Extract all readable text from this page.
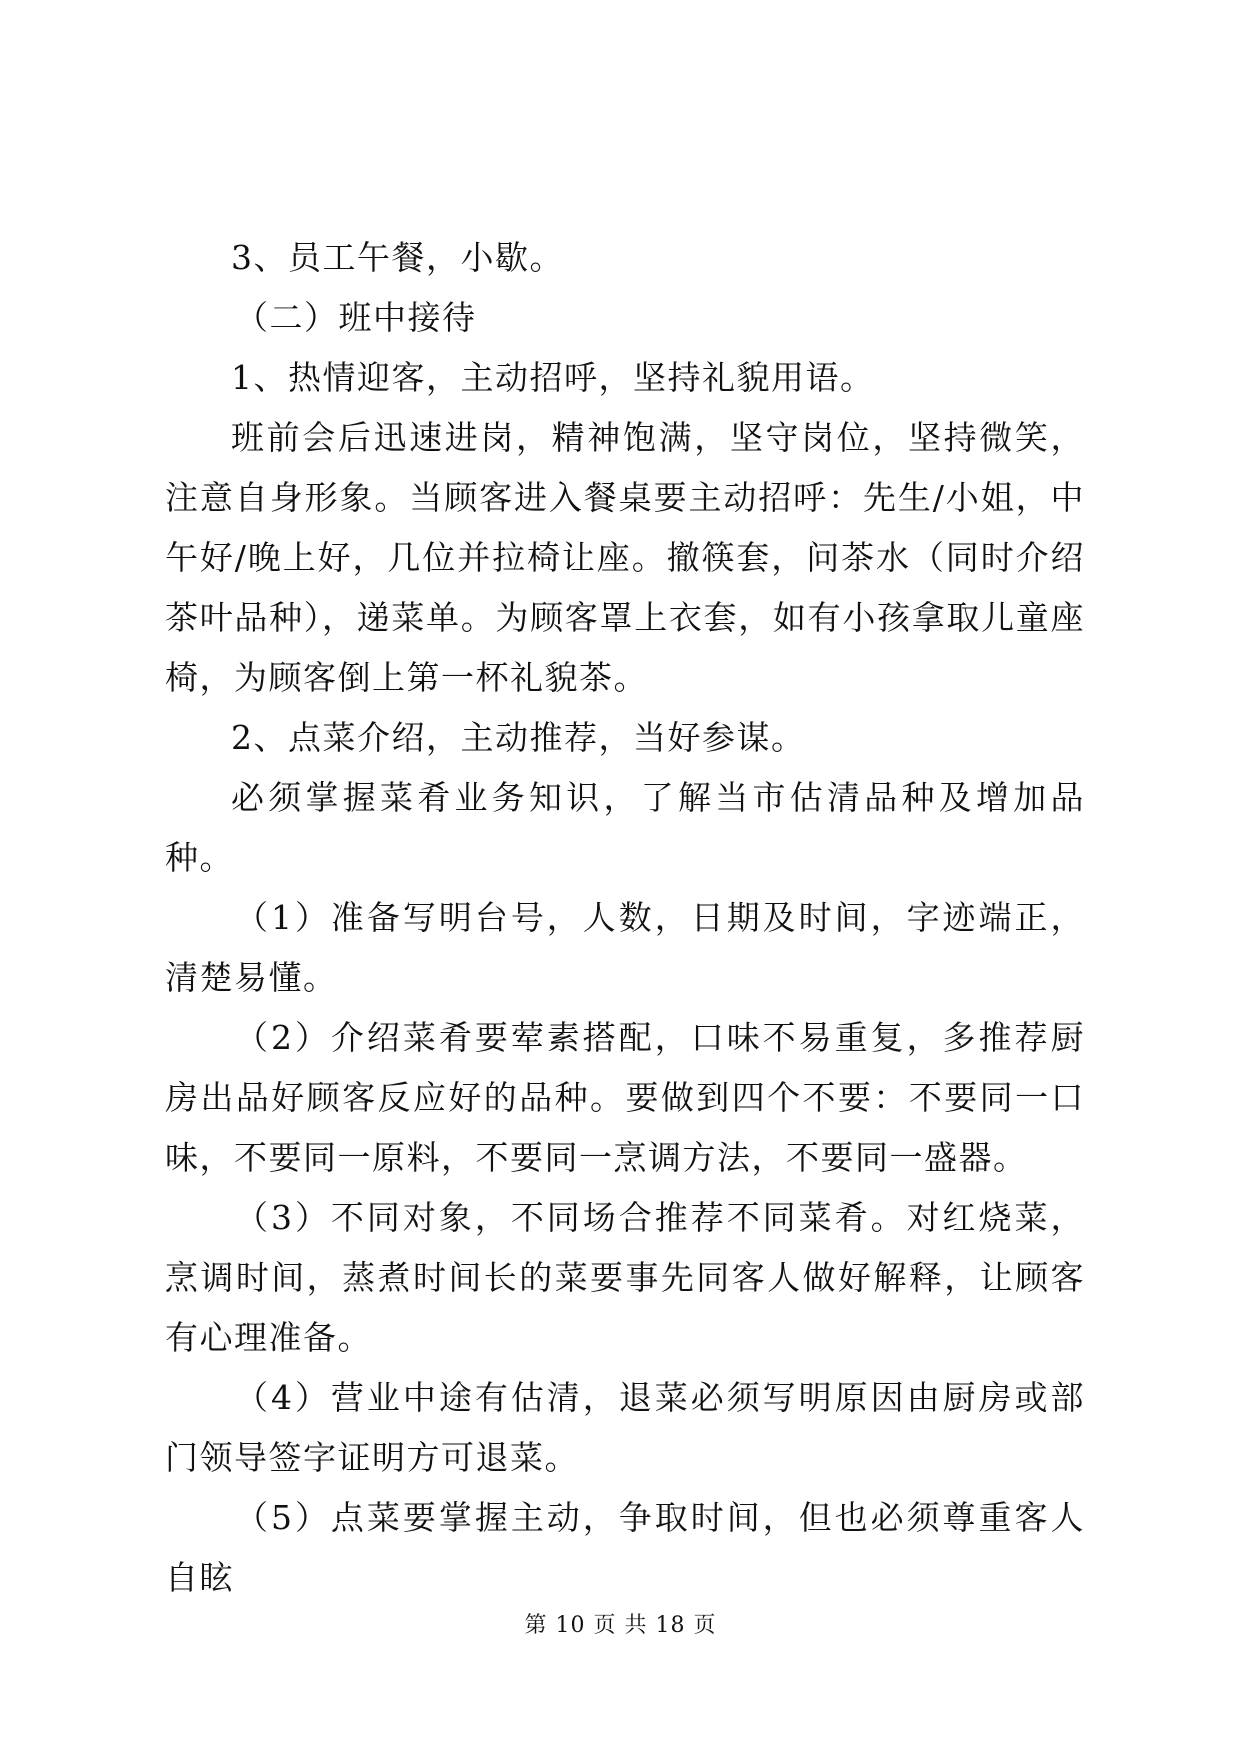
3、员工午餐，小歇。

（二）班中接待

1、热情迎客，主动招呼，坚持礼貌用语。

班前会后迅速进岗，精神饱满，坚守岗位，坚持微笑，注意自身形象。当顾客进入餐桌要主动招呼：先生/小姐，中午好/晚上好，几位并拉椅让座。撤筷套，问茶水（同时介绍茶叶品种），递菜单。为顾客罩上衣套，如有小孩拿取儿童座椅，为顾客倒上第一杯礼貌茶。

2、点菜介绍，主动推荐，当好参谋。

必须掌握菜肴业务知识，了解当市估清品种及增加品种。

（1）准备写明台号，人数，日期及时间，字迹端正，清楚易懂。

（2）介绍菜肴要荤素搭配，口味不易重复，多推荐厨房出品好顾客反应好的品种。要做到四个不要：不要同一口味，不要同一原料，不要同一烹调方法，不要同一盛器。

（3）不同对象，不同场合推荐不同菜肴。对红烧菜，烹调时间，蒸煮时间长的菜要事先同客人做好解释，让顾客有心理准备。

（4）营业中途有估清，退菜必须写明原因由厨房或部门领导签字证明方可退菜。

（5）点菜要掌握主动，争取时间，但也必须尊重客人自眩

第 10 页 共 18 页
